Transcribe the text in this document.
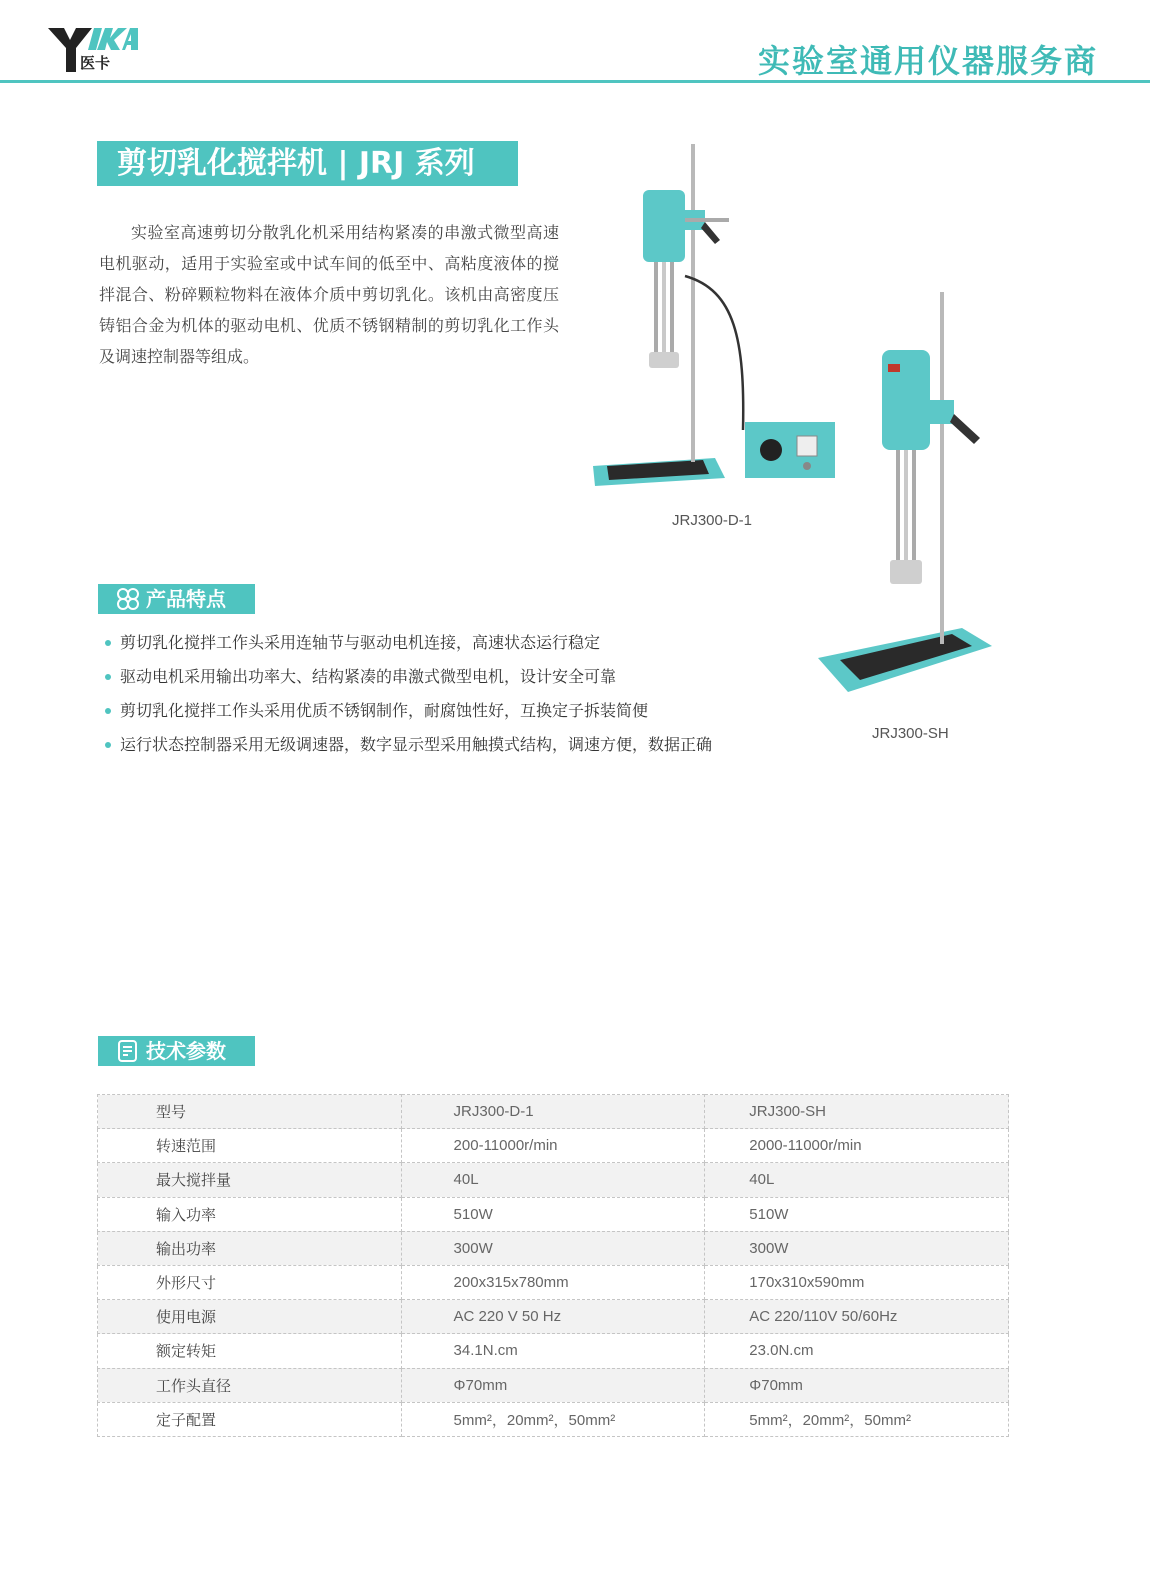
医卡	实验室通用仪器服务商
剪切乳化搅拌机 | JRJ 系列

实验室高速剪切分散乳化机采用结构紧凑的串激式微型高速电机驱动，适用于实验室或中试车间的低至中、高粘度液体的搅拌混合、粉碎颗粒物料在液体介质中剪切乳化。该机由高密度压铸铝合金为机体的驱动电机、优质不锈钢精制的剪切乳化工作头及调速控制器等组成。

JRJ300-D-1
JRJ300-SH
产品特点
剪切乳化搅拌工作头采用连轴节与驱动电机连接，高速状态运行稳定
驱动电机采用输出功率大、结构紧凑的串激式微型电机，设计安全可靠
剪切乳化搅拌工作头采用优质不锈钢制作，耐腐蚀性好，互换定子拆装简便
运行状态控制器采用无级调速器，数字显示型采用触摸式结构，调速方便，数据正确
技术参数
型号	JRJ300-D-1	JRJ300-SH
转速范围	200-11000r/min	2000-11000r/min
最大搅拌量	40L	40L
输入功率	510W	510W
输出功率	300W	300W
外形尺寸	200x315x780mm	170x310x590mm
使用电源	AC 220 V 50 Hz	AC 220/110V 50/60Hz
额定转矩	34.1N.cm	23.0N.cm
工作头直径	Φ70mm	Φ70mm
定子配置	5mm²，20mm²，50mm²	5mm²，20mm²，50mm²
